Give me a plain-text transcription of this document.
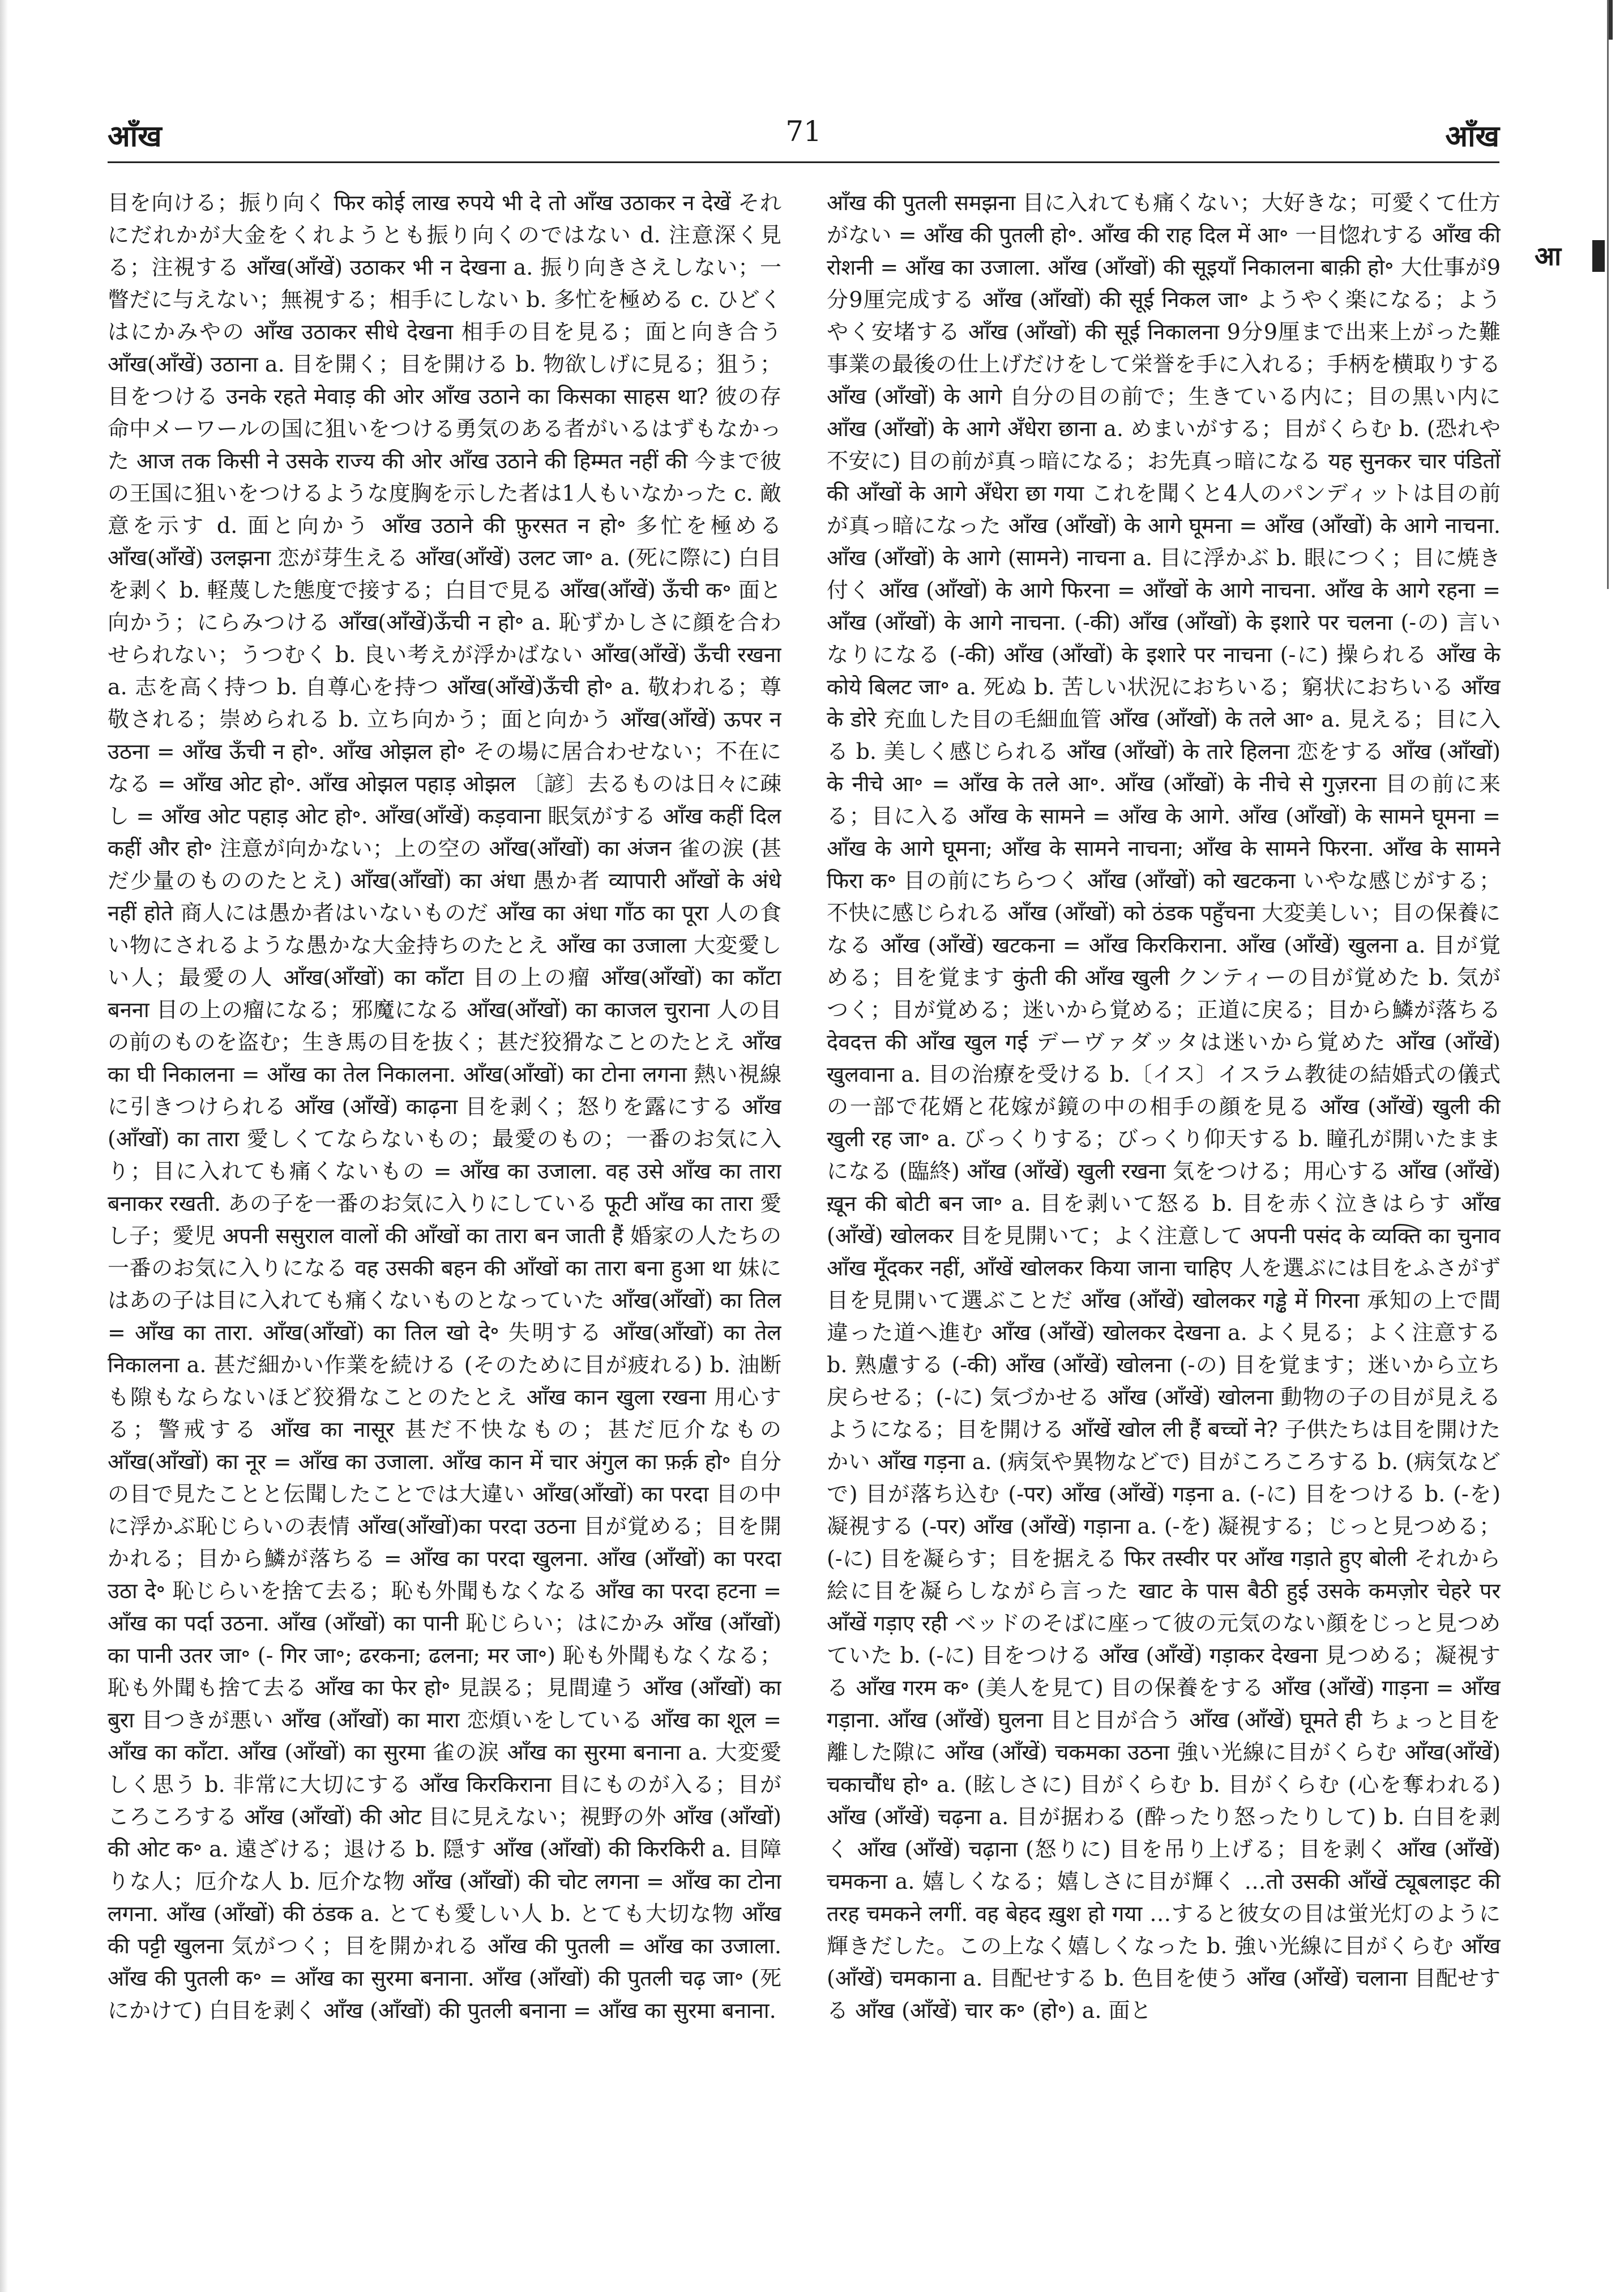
आँख	71	आँख

目を向ける；振り向く फिर कोई लाख रुपये भी दे तो आँख उठाकर न देखें それにだれかが大金をくれようとも振り向くのではない d. 注意深く見る；注視する आँख(आँखें) उठाकर भी न देखना a. 振り向きさえしない；一瞥だに与えない；無視する；相手にしない b. 多忙を極める c. ひどくはにかみやの आँख उठाकर सीधे देखना 相手の目を見る；面と向き合う आँख(आँखें) उठाना a. 目を開く；目を開ける b. 物欲しげに見る；狙う；目をつける उनके रहते मेवाड़ की ओर आँख उठाने का किसका साहस था? 彼の存命中メーワールの国に狙いをつける勇気のある者がいるはずもなかった आज तक किसी ने उसके राज्य की ओर आँख उठाने की हिम्मत नहीं की 今まで彼の王国に狙いをつけるような度胸を示した者は1人もいなかった c. 敵意を示す d. 面と向かう आँख उठाने की फ़ुरसत न हो॰ 多忙を極める आँख(आँखें) उलझना 恋が芽生える आँख(आँखें) उलट जा॰ a. (死に際に) 白目を剥く b. 軽蔑した態度で接する；白目で見る आँख(आँखें) ऊँची क॰ 面と向かう；にらみつける आँख(आँखें)ऊँची न हो॰ a. 恥ずかしさに顔を合わせられない；うつむく b. 良い考えが浮かばない आँख(आँखें) ऊँची रखना a. 志を高く持つ b. 自尊心を持つ आँख(आँखें)ऊँची हो॰ a. 敬われる；尊敬される；崇められる b. 立ち向かう；面と向かう आँख(आँखें) ऊपर न उठना = आँख ऊँची न हो॰. आँख ओझल हो॰ その場に居合わせない；不在になる = आँख ओट हो॰. आँख ओझल पहाड़ ओझल 〔諺〕去るものは日々に疎し = आँख ओट पहाड़ ओट हो॰. आँख(आँखें) कड़वाना 眠気がする आँख कहीं दिल कहीं और हो॰ 注意が向かない；上の空の आँख(आँखों) का अंजन 雀の涙 (甚だ少量のもののたとえ) आँख(आँखों) का अंधा 愚か者 व्यापारी आँखों के अंधे नहीं होते 商人には愚か者はいないものだ आँख का अंधा गाँठ का पूरा 人の食い物にされるような愚かな大金持ちのたとえ आँख का उजाला 大変愛しい人；最愛の人 आँख(आँखों) का काँटा 目の上の瘤 आँख(आँखों) का काँटा बनना 目の上の瘤になる；邪魔になる आँख(आँखों) का काजल चुराना 人の目の前のものを盗む；生き馬の目を抜く；甚だ狡猾なことのたとえ आँख का घी निकालना = आँख का तेल निकालना. आँख(आँखों) का टोना लगना 熱い視線に引きつけられる आँख (आँखें) काढ़ना 目を剥く；怒りを露にする आँख (आँखों) का तारा 愛しくてならないもの；最愛のもの；一番のお気に入り；目に入れても痛くないもの = आँख का उजाला. वह उसे आँख का तारा बनाकर रखती. あの子を一番のお気に入りにしている फूटी आँख का तारा 愛し子；愛児 अपनी ससुराल वालों की आँखों का तारा बन जाती हैं 婚家の人たちの一番のお気に入りになる वह उसकी बहन की आँखों का तारा बना हुआ था 妹にはあの子は目に入れても痛くないものとなっていた आँख(आँखों) का तिल = आँख का तारा. आँख(आँखों) का तिल खो दे॰ 失明する आँख(आँखों) का तेल निकालना a. 甚だ細かい作業を続ける (そのために目が疲れる) b. 油断も隙もならないほど狡猾なことのたとえ आँख कान खुला रखना 用心する；警戒する आँख का नासूर 甚だ不快なもの；甚だ厄介なもの आँख(आँखों) का नूर = आँख का उजाला. आँख कान में चार अंगुल का फ़र्क़ हो॰ 自分の目で見たことと伝聞したことでは大違い आँख(आँखों) का परदा 目の中に浮かぶ恥じらいの表情 आँख(आँखों)का परदा उठना 目が覚める；目を開かれる；目から鱗が落ちる = आँख का परदा खुलना. आँख (आँखों) का परदा उठा दे॰ 恥じらいを捨て去る；恥も外聞もなくなる आँख का परदा हटना = आँख का पर्दा उठना. आँख (आँखों) का पानी 恥じらい；はにかみ आँख (आँखों) का पानी उतर जा॰ (- गिर जा॰; ढरकना; ढलना; मर जा॰) 恥も外聞もなくなる；恥も外聞も捨て去る आँख का फेर हो॰ 見誤る；見間違う आँख (आँखों) का बुरा 目つきが悪い आँख (आँखों) का मारा 恋煩いをしている आँख का शूल = आँख का काँटा. आँख (आँखों) का सुरमा 雀の涙 आँख का सुरमा बनाना a. 大変愛しく思う b. 非常に大切にする आँख किरकिराना 目にものが入る；目がころころする आँख (आँखों) की ओट 目に見えない；視野の外 आँख (आँखों) की ओट क॰ a. 遠ざける；退ける b. 隠す आँख (आँखों) की किरकिरी a. 目障りな人；厄介な人 b. 厄介な物 आँख (आँखों) की चोट लगना = आँख का टोना लगना. आँख (आँखों) की ठंडक a. とても愛しい人 b. とても大切な物 आँख की पट्टी खुलना 気がつく；目を開かれる आँख की पुतली = आँख का उजाला. आँख की पुतली क॰ = आँख का सुरमा बनाना. आँख (आँखों) की पुतली चढ़ जा॰ (死にかけて) 白目を剥く आँख (आँखों) की पुतली बनाना = आँख का सुरमा बनाना.

आँख की पुतली समझना 目に入れても痛くない；大好きな；可愛くて仕方がない = आँख की पुतली हो॰. आँख की राह दिल में आ॰ 一目惚れする आँख की रोशनी = आँख का उजाला. आँख (आँखों) की सूइयाँ निकालना बाक़ी हो॰ 大仕事が9分9厘完成する आँख (आँखों) की सूई निकल जा॰ ようやく楽になる；ようやく安堵する आँख (आँखों) की सूई निकालना 9分9厘まで出来上がった難事業の最後の仕上げだけをして栄誉を手に入れる；手柄を横取りする आँख (आँखों) के आगे 自分の目の前で；生きている内に；目の黒い内に आँख (आँखों) के आगे अँधेरा छाना a. めまいがする；目がくらむ b. (恐れや不安に) 目の前が真っ暗になる；お先真っ暗になる यह सुनकर चार पंडितों की आँखों के आगे अँधेरा छा गया これを聞くと4人のパンディットは目の前が真っ暗になった आँख (आँखों) के आगे घूमना = आँख (आँखों) के आगे नाचना. आँख (आँखों) के आगे (सामने) नाचना a. 目に浮かぶ b. 眼につく；目に焼き付く आँख (आँखों) के आगे फिरना = आँखों के आगे नाचना. आँख के आगे रहना = आँख (आँखों) के आगे नाचना. (-की) आँख (आँखों) के इशारे पर चलना (-の) 言いなりになる (-की) आँख (आँखों) के इशारे पर नाचना (-に) 操られる आँख के कोये बिलट जा॰ a. 死ぬ b. 苦しい状況におちいる；窮状におちいる आँख के डोरे 充血した目の毛細血管 आँख (आँखों) के तले आ॰ a. 見える；目に入る b. 美しく感じられる आँख (आँखों) के तारे हिलना 恋をする आँख (आँखों) के नीचे आ॰ = आँख के तले आ॰. आँख (आँखों) के नीचे से गुज़रना 目の前に来る；目に入る आँख के सामने = आँख के आगे. आँख (आँखों) के सामने घूमना = आँख के आगे घूमना; आँख के सामने नाचना; आँख के सामने फिरना. आँख के सामने फिरा क॰ 目の前にちらつく आँख (आँखों) को खटकना いやな感じがする；不快に感じられる आँख (आँखों) को ठंडक पहुँचना 大変美しい；目の保養になる आँख (आँखें) खटकना = आँख किरकिराना. आँख (आँखें) खुलना a. 目が覚める；目を覚ます कुंती की आँख खुली クンティーの目が覚めた b. 気がつく；目が覚める；迷いから覚める；正道に戻る；目から鱗が落ちる देवदत्त की आँख खुल गई デーヴァダッタは迷いから覚めた आँख (आँखें) खुलवाना a. 目の治療を受ける b.〔イス〕イスラム教徒の結婚式の儀式の一部で花婿と花嫁が鏡の中の相手の顔を見る आँख (आँखें) खुली की खुली रह जा॰ a. びっくりする；びっくり仰天する b. 瞳孔が開いたままになる (臨終) आँख (आँखें) खुली रखना 気をつける；用心する आँख (आँखें) ख़ून की बोटी बन जा॰ a. 目を剥いて怒る b. 目を赤く泣きはらす आँख (आँखें) खोलकर 目を見開いて；よく注意して अपनी पसंद के व्यक्ति का चुनाव आँख मूँदकर नहीं, आँखें खोलकर किया जाना चाहिए 人を選ぶには目をふさがず目を見開いて選ぶことだ आँख (आँखें) खोलकर गड्ढे में गिरना 承知の上で間違った道へ進む आँख (आँखें) खोलकर देखना a. よく見る；よく注意する b. 熟慮する (-की) आँख (आँखें) खोलना (-の) 目を覚ます；迷いから立ち戻らせる；(-に) 気づかせる आँख (आँखें) खोलना 動物の子の目が見えるようになる；目を開ける आँखें खोल ली हैं बच्चों ने? 子供たちは目を開けたかい आँख गड़ना a. (病気や異物などで) 目がころころする b. (病気などで) 目が落ち込む (-पर) आँख (आँखें) गड़ना a. (-に) 目をつける b. (-を) 凝視する (-पर) आँख (आँखें) गड़ाना a. (-を) 凝視する；じっと見つめる；(-に) 目を凝らす；目を据える फिर तस्वीर पर आँख गड़ाते हुए बोली それから絵に目を凝らしながら言った खाट के पास बैठी हुई उसके कमज़ोर चेहरे पर आँखें गड़ाए रही ベッドのそばに座って彼の元気のない顔をじっと見つめていた b. (-に) 目をつける आँख (आँखें) गड़ाकर देखना 見つめる；凝視する आँख गरम क॰ (美人を見て) 目の保養をする आँख (आँखें) गाड़ना = आँख गड़ाना. आँख (आँखें) घुलना 目と目が合う आँख (आँखें) घूमते ही ちょっと目を離した隙に आँख (आँखें) चकमका उठना 強い光線に目がくらむ आँख(आँखें) चकाचौंध हो॰ a. (眩しさに) 目がくらむ b. 目がくらむ (心を奪われる) आँख (आँखें) चढ़ना a. 目が据わる (酔ったり怒ったりして) b. 白目を剥く आँख (आँखें) चढ़ाना (怒りに) 目を吊り上げる；目を剥く आँख (आँखें) चमकना a. 嬉しくなる；嬉しさに目が輝く …तो उसकी आँखें ट्यूबलाइट की तरह चमकने लगीं. वह बेहद ख़ुश हो गया …すると彼女の目は蛍光灯のように輝きだした。この上なく嬉しくなった b. 強い光線に目がくらむ आँख (आँखें) चमकाना a. 目配せする b. 色目を使う आँख (आँखें) चलाना 目配せする आँख (आँखें) चार क॰ (हो॰) a. 面と

आ
